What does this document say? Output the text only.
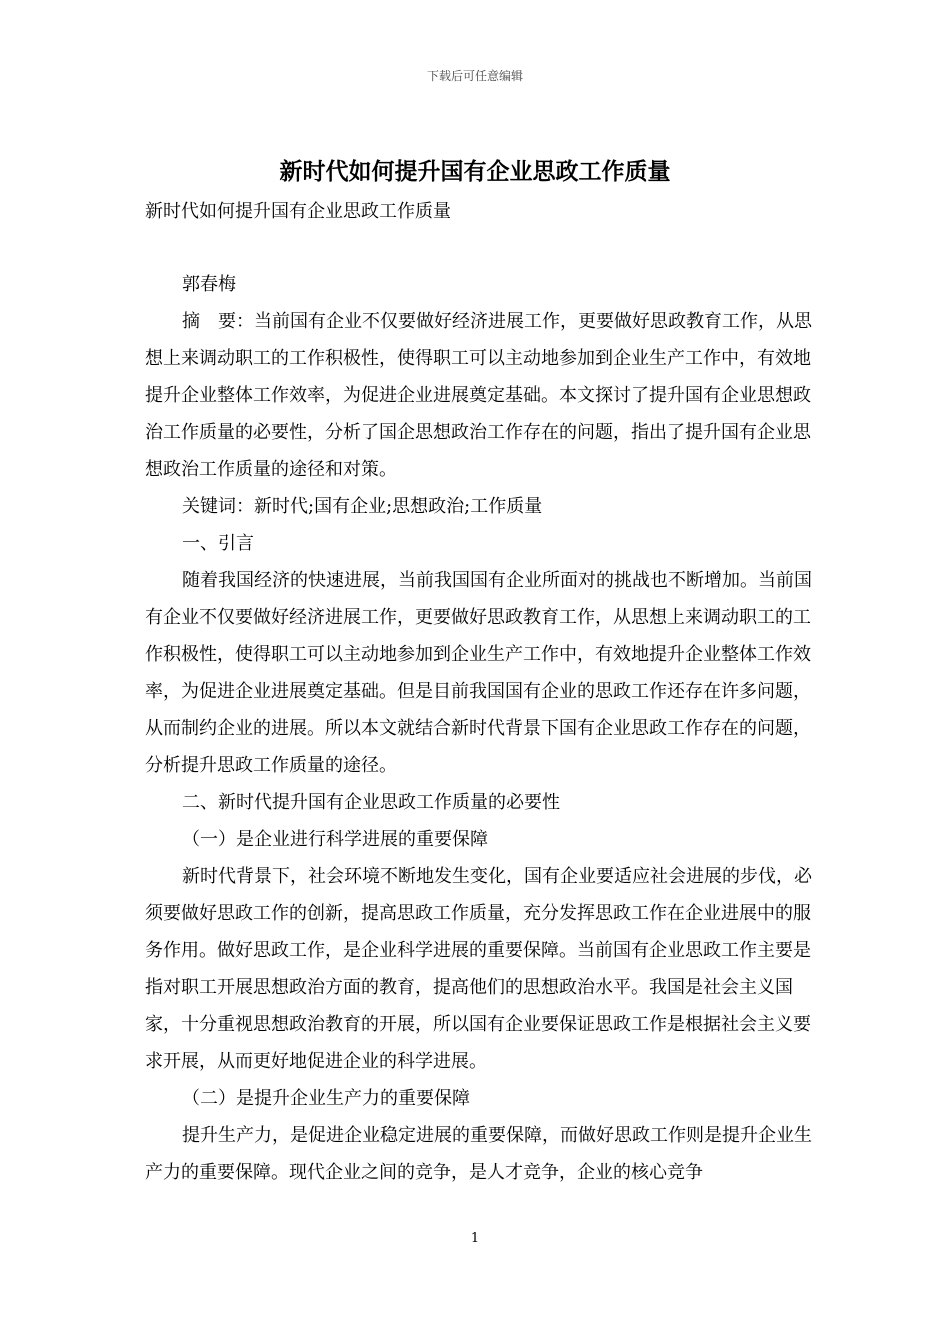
下载后可任意编辑
新时代如何提升国有企业思政工作质量

新时代如何提升国有企业思政工作质量

郭春梅

摘　要：当前国有企业不仅要做好经济进展工作，更要做好思政教育工作，从思想上来调动职工的工作积极性，使得职工可以主动地参加到企业生产工作中，有效地提升企业整体工作效率，为促进企业进展奠定基础。本文探讨了提升国有企业思想政治工作质量的必要性，分析了国企思想政治工作存在的问题，指出了提升国有企业思想政治工作质量的途径和对策。

关键词：新时代;国有企业;思想政治;工作质量

一、引言

随着我国经济的快速进展，当前我国国有企业所面对的挑战也不断增加。当前国有企业不仅要做好经济进展工作，更要做好思政教育工作，从思想上来调动职工的工作积极性，使得职工可以主动地参加到企业生产工作中，有效地提升企业整体工作效率，为促进企业进展奠定基础。但是目前我国国有企业的思政工作还存在许多问题，从而制约企业的进展。所以本文就结合新时代背景下国有企业思政工作存在的问题，分析提升思政工作质量的途径。

二、新时代提升国有企业思政工作质量的必要性

（一）是企业进行科学进展的重要保障

新时代背景下，社会环境不断地发生变化，国有企业要适应社会进展的步伐，必须要做好思政工作的创新，提高思政工作质量，充分发挥思政工作在企业进展中的服务作用。做好思政工作，是企业科学进展的重要保障。当前国有企业思政工作主要是指对职工开展思想政治方面的教育，提高他们的思想政治水平。我国是社会主义国家，十分重视思想政治教育的开展，所以国有企业要保证思政工作是根据社会主义要求开展，从而更好地促进企业的科学进展。

（二）是提升企业生产力的重要保障

提升生产力，是促进企业稳定进展的重要保障，而做好思政工作则是提升企业生产力的重要保障。现代企业之间的竞争，是人才竞争，企业的核心竞争

1
